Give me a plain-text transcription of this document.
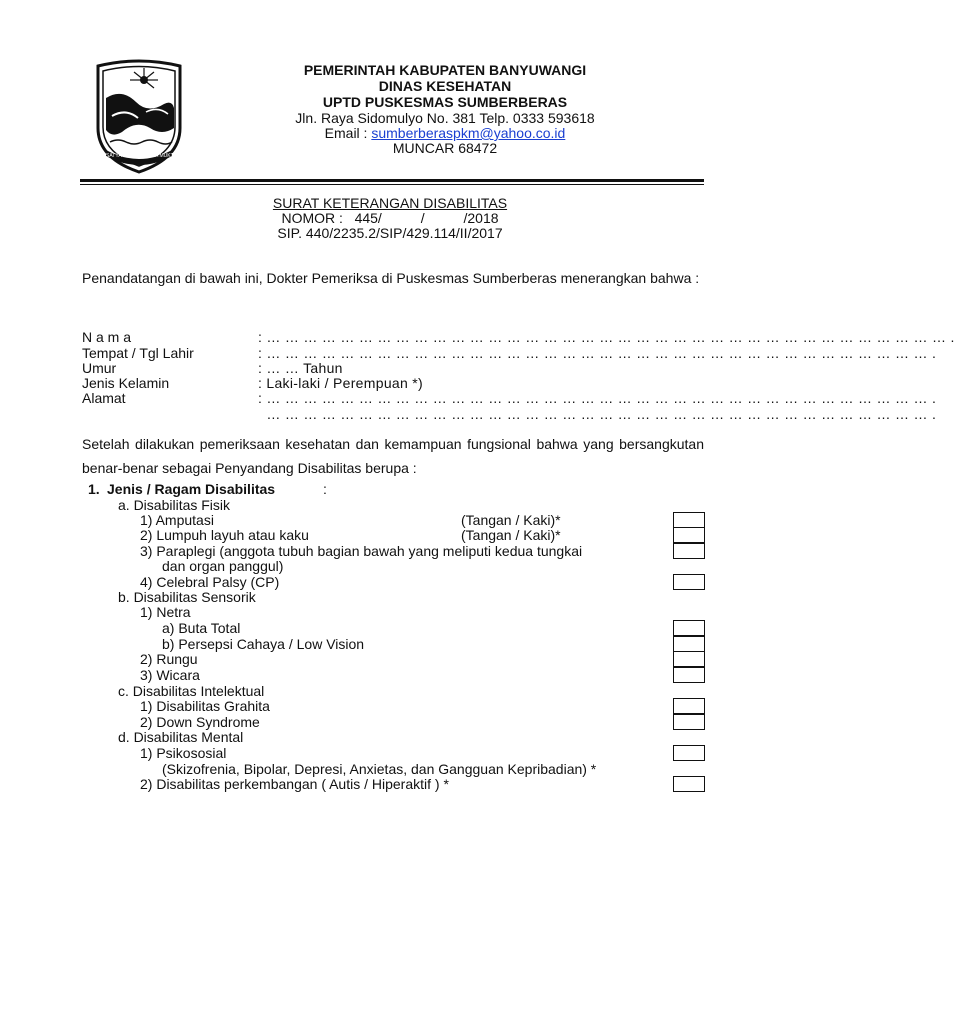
SATYA BHAKTI PRAJA MUKTI
PEMERINTAH KABUPATEN BANYUWANGI
DINAS KESEHATAN
UPTD PUSKESMAS SUMBERBERAS
Jln. Raya Sidomulyo No. 381 Telp. 0333 593618
Email : sumberberaspkm@yahoo.co.id
MUNCAR 68472
SURAT KETERANGAN DISABILITAS
NOMOR :   445/          /          /2018
SIP. 440/2235.2/SIP/429.114/II/2017
Penandatangan di bawah ini, Dokter Pemeriksa di Puskesmas Sumberberas menerangkan bahwa :
N a m a	: … … … … … … … … … … … … … … … … … … … … … … … … … … … … … … … … … … … … … .
Tempat / Tgl Lahir	: … … … … … … … … … … … … … … … … … … … … … … … … … … … … … … … … … … … … .
Umur	: … … Tahun
Jenis Kelamin	: Laki-laki / Perempuan *)
Alamat	: … … … … … … … … … … … … … … … … … … … … … … … … … … … … … … … … … … … … .
… … … … … … … … … … … … … … … … … … … … … … … … … … … … … … … … … … … … .
Setelah dilakukan pemeriksaan kesehatan dan kemampuan fungsional bahwa yang bersangkutan benar-benar sebagai Penyandang Disabilitas berupa :
1. Jenis / Ragam Disabilitas	:
a. Disabilitas Fisik
1) Amputasi	(Tangan / Kaki)*
2) Lumpuh layuh atau kaku	(Tangan / Kaki)*
3) Paraplegi (anggota tubuh bagian bawah yang meliputi kedua tungkai
dan organ panggul)
4) Celebral Palsy (CP)
b. Disabilitas Sensorik
1) Netra
a) Buta Total
b) Persepsi Cahaya / Low Vision
2) Rungu
3) Wicara
c. Disabilitas Intelektual
1) Disabilitas Grahita
2) Down Syndrome
d. Disabilitas Mental
1) Psikososial
(Skizofrenia, Bipolar, Depresi, Anxietas, dan Gangguan Kepribadian) *
2) Disabilitas perkembangan ( Autis / Hiperaktif ) *
